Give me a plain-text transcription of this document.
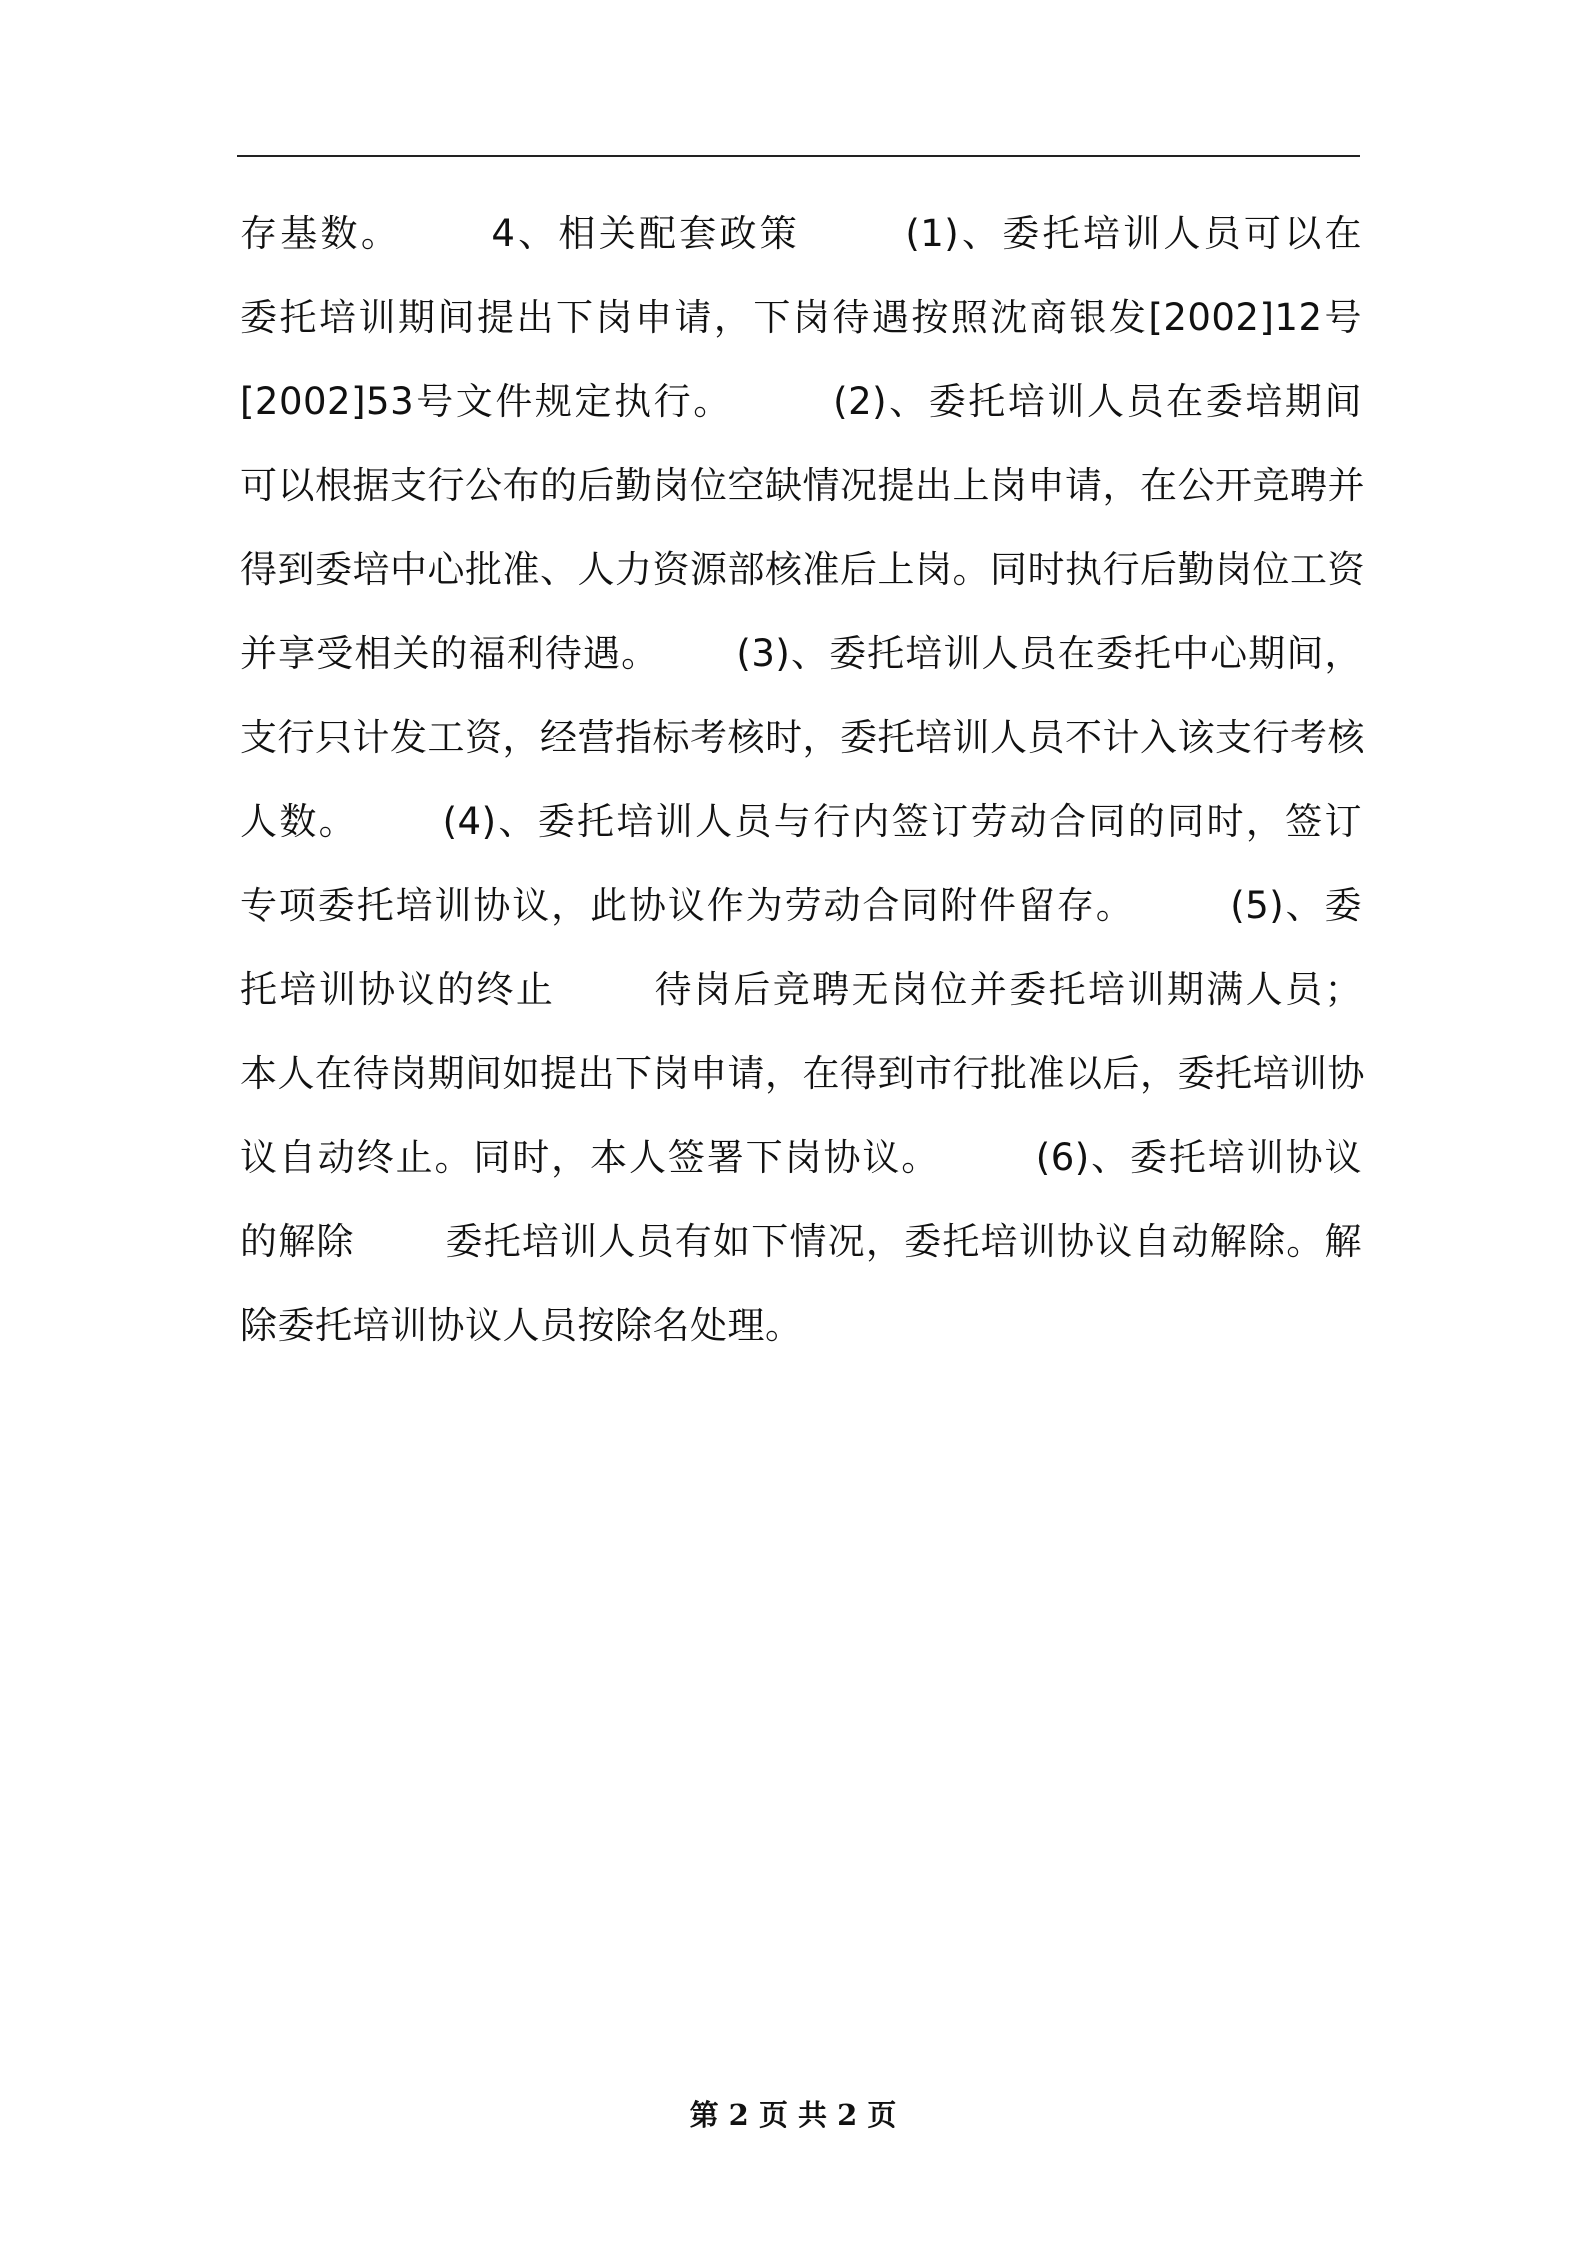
存基数。      4、相关配套政策       (1)、委托培训人员可以在
委托培训期间提出下岗申请，下岗待遇按照沈商银发[2002]12号
[2002]53号文件规定执行。       (2)、委托培训人员在委培期间
可以根据支行公布的后勤岗位空缺情况提出上岗申请，在公开竞聘并
得到委培中心批准、人力资源部核准后上岗。同时执行后勤岗位工资
并享受相关的福利待遇。      (3)、委托培训人员在委托中心期间，
支行只计发工资，经营指标考核时，委托培训人员不计入该支行考核
人数。      (4)、委托培训人员与行内签订劳动合同的同时，签订
专项委托培训协议，此协议作为劳动合同附件留存。       (5)、委
托培训协议的终止       待岗后竞聘无岗位并委托培训期满人员；
本人在待岗期间如提出下岗申请，在得到市行批准以后，委托培训协
议自动终止。同时，本人签署下岗协议。       (6)、委托培训协议
的解除       委托培训人员有如下情况，委托培训协议自动解除。解
除委托培训协议人员按除名处理。
第 2 页 共 2 页
